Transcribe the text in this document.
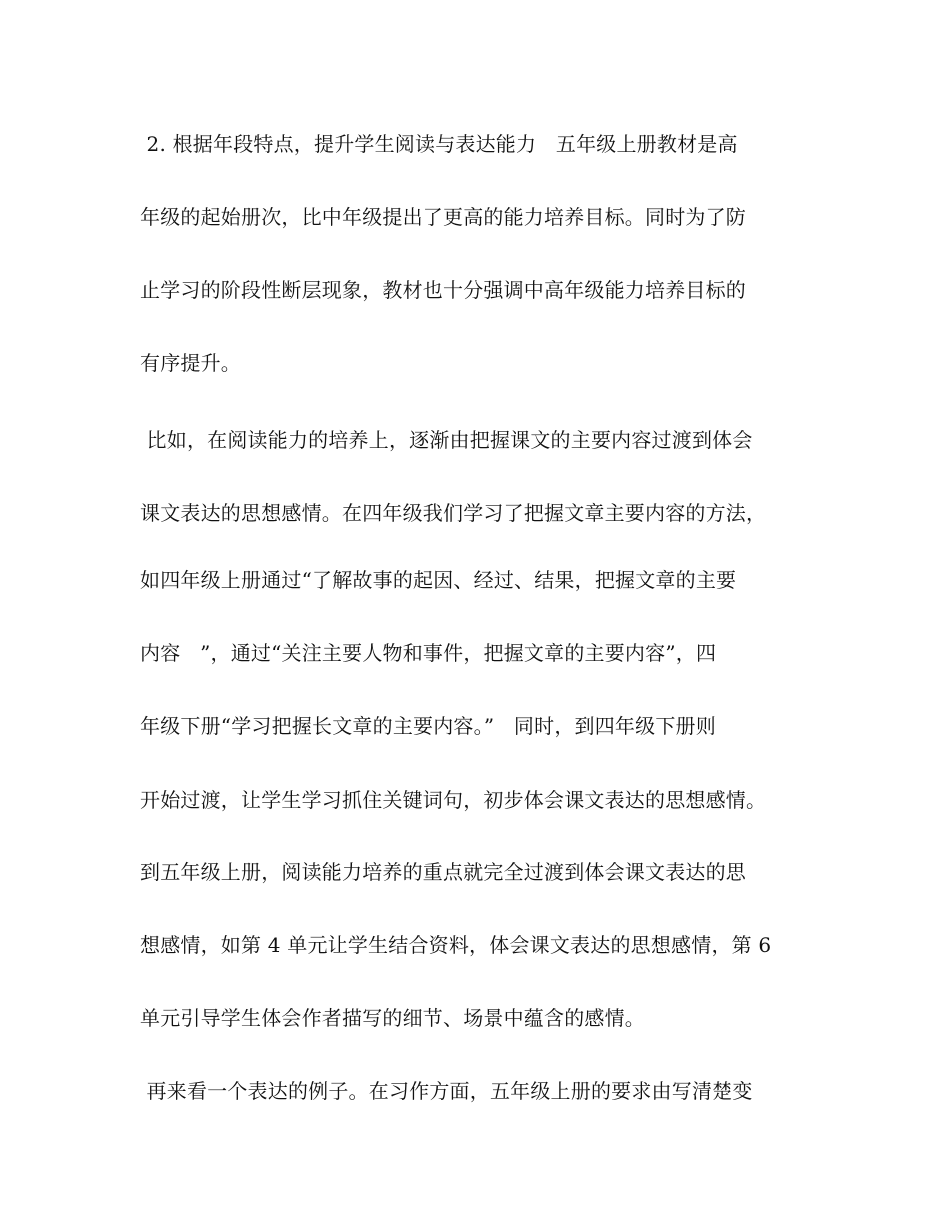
2. 根据年段特点，提升学生阅读与表达能力   五年级上册教材是高
年级的起始册次，比中年级提出了更高的能力培养目标。同时为了防
止学习的阶段性断层现象，教材也十分强调中高年级能力培养目标的
有序提升。
比如，在阅读能力的培养上，逐渐由把握课文的主要内容过渡到体会
课文表达的思想感情。在四年级我们学习了把握文章主要内容的方法，
如四年级上册通过“了解故事的起因、经过、结果，把握文章的主要
内容   ”，通过“关注主要人物和事件，把握文章的主要内容”，四
年级下册“学习把握长文章的主要内容。”   同时，到四年级下册则
开始过渡，让学生学习抓住关键词句，初步体会课文表达的思想感情。
到五年级上册，阅读能力培养的重点就完全过渡到体会课文表达的思
想感情，如第 4 单元让学生结合资料，体会课文表达的思想感情，第 6
单元引导学生体会作者描写的细节、场景中蕴含的感情。
再来看一个表达的例子。在习作方面，五年级上册的要求由写清楚变
